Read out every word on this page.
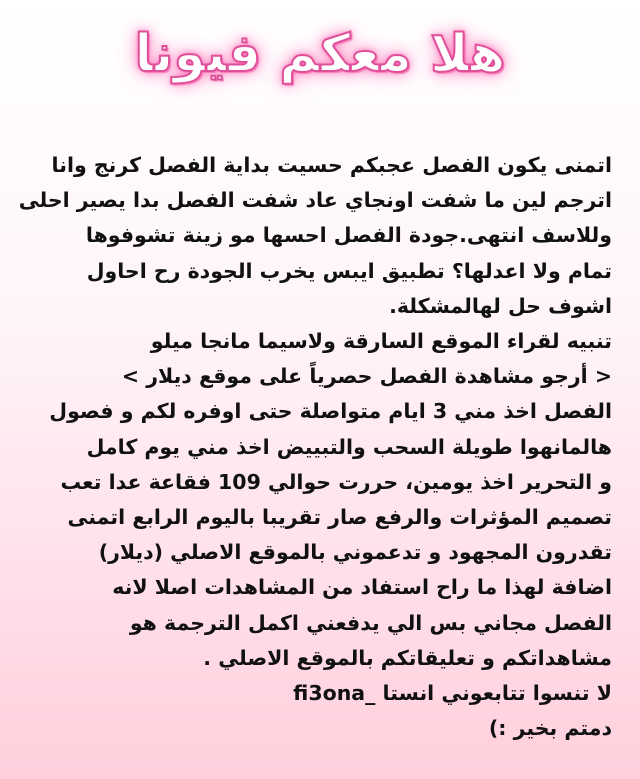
هلا معكم فيونا
اتمنى يكون الفصل عجبكم حسيت بداية الفصل كرنج وانا
اترجم لين ما شفت اونجاي عاد شفت الفصل بدا يصير احلى
وللاسف انتهى.جودة الفصل احسها مو زينة تشوفوها
تمام ولا اعدلها؟ تطبيق ايبس يخرب الجودة رح احاول
اشوف حل لهالمشكلة.
تنبيه لقراء الموقع السارقة ولاسيما مانجا ميلو
< أرجو مشاهدة الفصل حصرياً على موقع ديلار >
الفصل اخذ مني 3 ايام متواصلة حتى اوفره لكم و فصول
هالمانهوا طويلة السحب والتبييض اخذ مني يوم كامل
و التحرير اخذ يومين، حررت حوالي 109 فقاعة عدا تعب
تصميم المؤثرات والرفع صار تقريبا باليوم الرابع اتمنى
تقدرون المجهود و تدعموني بالموقع الاصلي (ديلار)
اضافة لهذا ما راح استفاد من المشاهدات اصلا لانه
الفصل مجاني بس الي يدفعني اكمل الترجمة هو
مشاهداتكم و تعليقاتكم بالموقع الاصلي .
لا تنسوا تتابعوني انستا _fi3ona
دمتم بخير :)
